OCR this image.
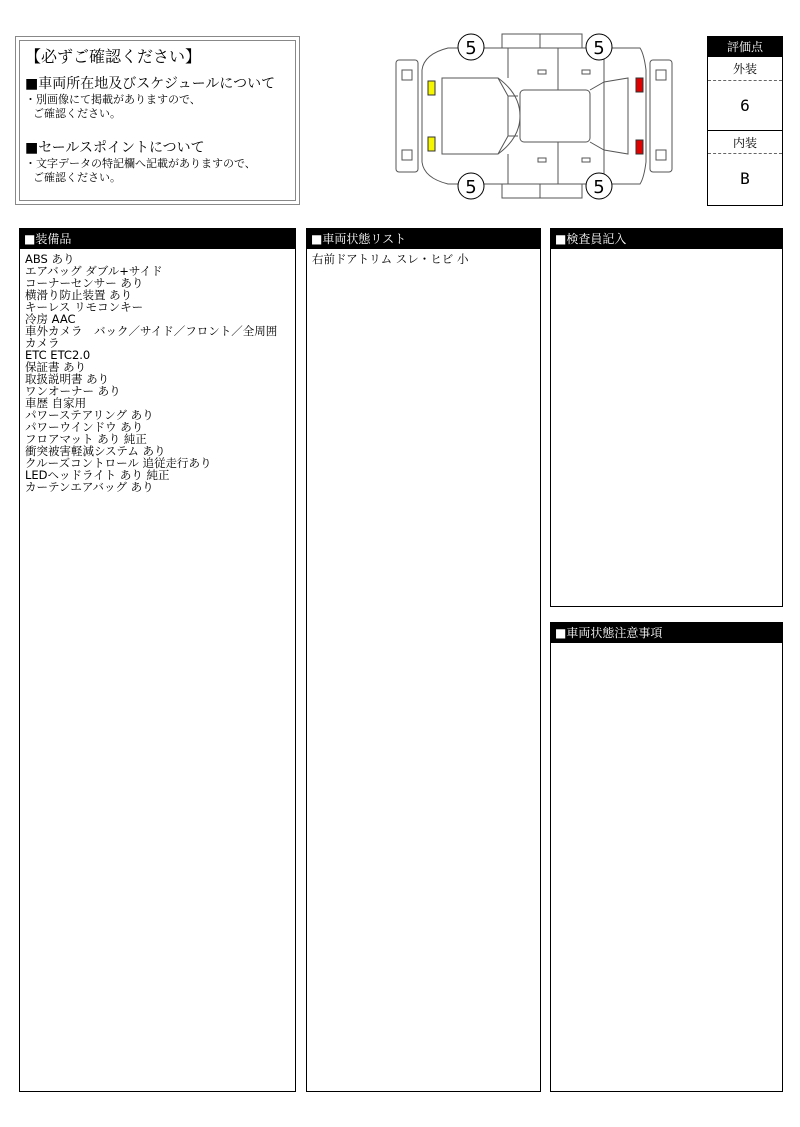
【必ずご確認ください】
■車両所在地及びスケジュールについて
・別画像にて掲載がありますので、
ご確認ください。
■セールスポイントについて
・文字データの特記欄へ記載がありますので、
ご確認ください。
5	5
5	5
評価点
外装
6
内装
B
■装備品
ABS あり
エアバッグ ダブル+サイド
コーナーセンサー あり
横滑り防止装置 あり
キーレス リモコンキー
冷房 AAC
車外カメラ　バック／サイド／フロント／全周囲
カメラ
ETC ETC2.0
保証書 あり
取扱説明書 あり
ワンオーナー あり
車歴 自家用
パワーステアリング あり
パワーウインドウ あり
フロアマット あり 純正
衝突被害軽減システム あり
クルーズコントロール 追従走行あり
LEDヘッドライト あり 純正
カーテンエアバッグ あり
■車両状態リスト
右前ドアトリム スレ・ヒビ 小
■検査員記入
■車両状態注意事項
